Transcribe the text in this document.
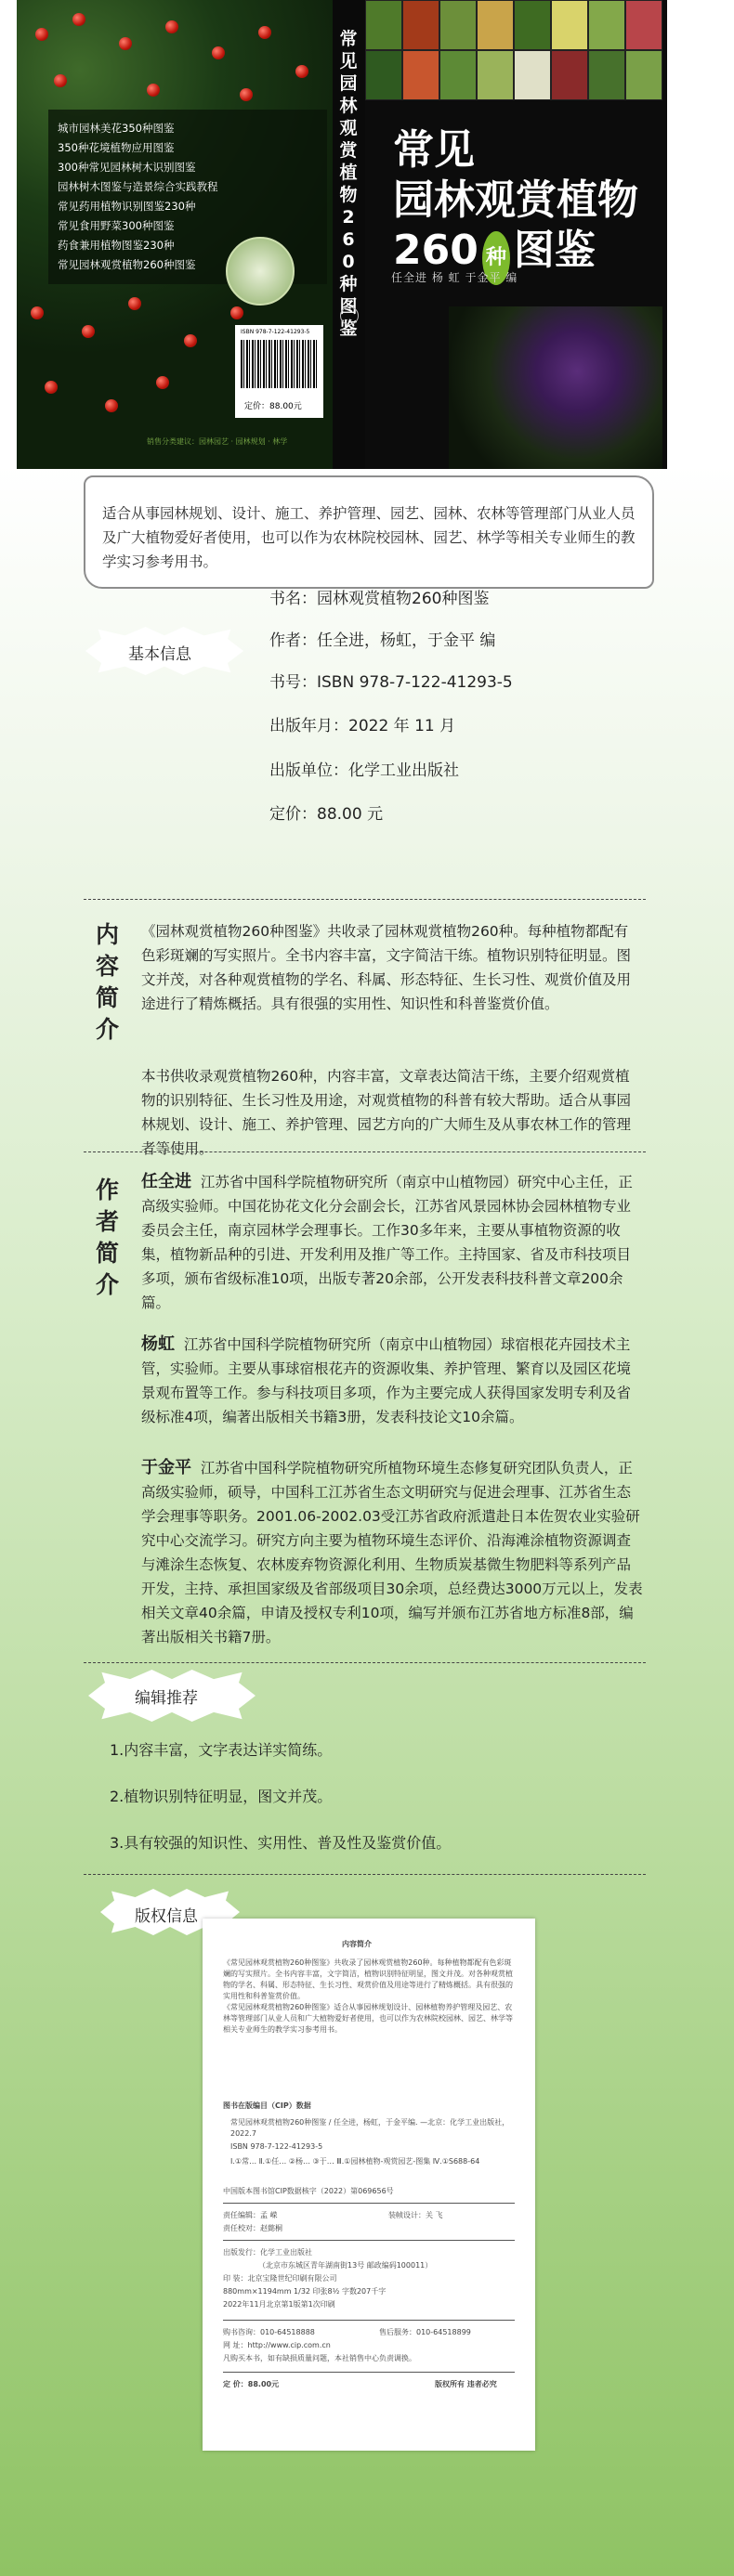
城市园林美花350种图鉴
350种花境植物应用图鉴
300种常见园林树木识别图鉴
园林树木图鉴与造景综合实践教程
常见药用植物识别图鉴230种
常见食用野菜300种图鉴
药食兼用植物图鉴230种
常见园林观赏植物260种图鉴
ISBN 978-7-122-41293-5
定价：88.00元
销售分类建议：园林园艺 · 园林规划 · 林学
常见园林观赏植物260种图鉴
常见
园林观赏植物
260 种 图鉴
任全进 杨 虹 于金平 编
适合从事园林规划、设计、施工、养护管理、园艺、园林、农林等管理部门从业人员及广大植物爱好者使用，也可以作为农林院校园林、园艺、林学等相关专业师生的教学实习参考用书。
基本信息
书名：园林观赏植物260种图鉴
作者：任全进，杨虹，于金平 编
书号：ISBN 978-7-122-41293-5
出版年月：2022 年 11 月
出版单位：化学工业出版社
定价：88.00 元
内容简介
《园林观赏植物260种图鉴》共收录了园林观赏植物260种。每种植物都配有色彩斑斓的写实照片。全书内容丰富，文字简洁干练。植物识别特征明显。图文并茂，对各种观赏植物的学名、科属、形态特征、生长习性、观赏价值及用途进行了精炼概括。具有很强的实用性、知识性和科普鉴赏价值。
本书供收录观赏植物260种，内容丰富，文章表达简洁干练，主要介绍观赏植物的识别特征、生长习性及用途，对观赏植物的科普有较大帮助。适合从事园林规划、设计、施工、养护管理、园艺方向的广大师生及从事农林工作的管理者等使用。
作者简介
任全进 江苏省中国科学院植物研究所（南京中山植物园）研究中心主任，正高级实验师。中国花协花文化分会副会长，江苏省风景园林协会园林植物专业委员会主任，南京园林学会理事长。工作30多年来，主要从事植物资源的收集，植物新品种的引进、开发利用及推广等工作。主持国家、省及市科技项目多项，颁布省级标准10项，出版专著20余部，公开发表科技科普文章200余篇。
杨虹 江苏省中国科学院植物研究所（南京中山植物园）球宿根花卉园技术主管，实验师。主要从事球宿根花卉的资源收集、养护管理、繁育以及园区花境景观布置等工作。参与科技项目多项，作为主要完成人获得国家发明专利及省级标准4项，编著出版相关书籍3册，发表科技论文10余篇。
于金平 江苏省中国科学院植物研究所植物环境生态修复研究团队负责人，正高级实验师，硕导，中国科工江苏省生态文明研究与促进会理事、江苏省生态学会理事等职务。2001.06-2002.03受江苏省政府派遣赴日本佐贺农业实验研究中心交流学习。研究方向主要为植物环境生态评价、沿海滩涂植物资源调查与滩涂生态恢复、农林废弃物资源化利用、生物质炭基微生物肥料等系列产品开发，主持、承担国家级及省部级项目30余项，总经费达3000万元以上，发表相关文章40余篇，申请及授权专利10项，编写并颁布江苏省地方标准8部，编著出版相关书籍7册。
编辑推荐
1.内容丰富，文字表达详实简练。
2.植物识别特征明显，图文并茂。
3.具有较强的知识性、实用性、普及性及鉴赏价值。
版权信息
内容简介
《常见园林观赏植物260种图鉴》共收录了园林观赏植物260种。每种植物都配有色彩斑斓的写实照片。全书内容丰富，文字简洁，植物识别特征明显，图文并茂。对各种观赏植物的学名、科属、形态特征、生长习性、观赏价值及用途等进行了精炼概括。具有很强的实用性和科普鉴赏价值。
《常见园林观赏植物260种图鉴》适合从事园林规划设计、园林植物养护管理及园艺、农林等管理部门从业人员和广大植物爱好者使用，也可以作为农林院校园林、园艺、林学等相关专业师生的教学实习参考用书。
图书在版编目（CIP）数据
常见园林观赏植物260种图鉴 / 任全进，杨虹，于金平编. —北京：化学工业出版社，2022.7
ISBN 978-7-122-41293-5
Ⅰ.①常… Ⅱ.①任… ②杨… ③于… Ⅲ.①园林植物-观赏园艺-图集 Ⅳ.①S688-64
中国版本图书馆CIP数据核字（2022）第069656号
责任编辑：孟 嵘
责任校对：赵懿桐
装帧设计：关 飞
出版发行：化学工业出版社
（北京市东城区青年湖南街13号 邮政编码100011）
印 装：北京宝隆世纪印刷有限公司
880mm×1194mm 1/32 印张8½ 字数207千字
2022年11月北京第1版第1次印刷
购书咨询：010-64518888	售后服务：010-64518899
网 址：http://www.cip.com.cn
凡购买本书，如有缺损质量问题，本社销售中心负责调换。
定 价：88.00元	版权所有 违者必究
